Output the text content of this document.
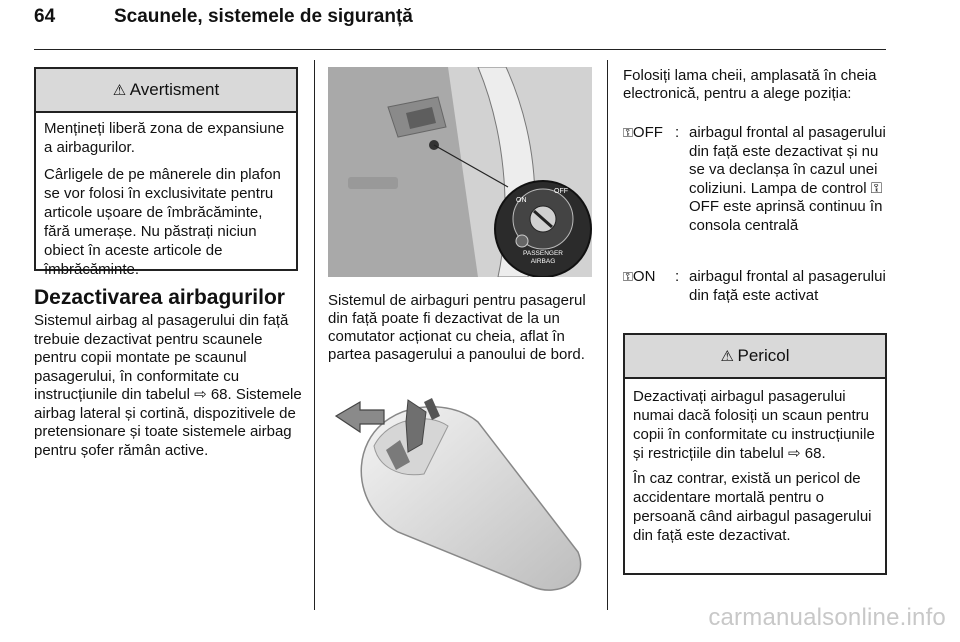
64	Scaunele, sistemele de siguranță
⚠ Avertisment

Mențineți liberă zona de expansiune a airbagurilor.

Cârligele de pe mânerele din plafon se vor folosi în exclusivitate pentru articole ușoare de îmbrăcăminte, fără umerașe. Nu păstrați niciun obiect în aceste articole de îmbrăcăminte.

Dezactivarea airbagurilor
Sistemul airbag al pasagerului din față trebuie dezactivat pentru scaunele pentru copii montate pe scaunul pasagerului, în conformitate cu instrucțiunile din tabelul ⇨ 68. Sistemele airbag lateral și cortină, dispozitivele de pretensionare și toate sistemele airbag pentru șofer rămân active.
ON
OFF
PASSENGER
AIRBAG
Sistemul de airbaguri pentru pasagerul din față poate fi dezactivat de la un comutator acționat cu cheia, aflat în partea pasagerului a panoului de bord.
Folosiți lama cheii, amplasată în cheia electronică, pentru a alege poziția:
⚿OFF : airbagul frontal al pasagerului din față este dezactivat și nu se va declanșa în cazul unei coliziuni. Lampa de control ⚿OFF este aprinsă continuu în consola centrală
⚿ON	: airbagul frontal al pasagerului din față este activat
⚠ Pericol

Dezactivați airbagul pasagerului numai dacă folosiți un scaun pentru copii în conformitate cu instrucțiunile și restricțiile din tabelul ⇨ 68.

În caz contrar, există un pericol de accidentare mortală pentru o persoană când airbagul pasagerului din față este dezactivat.

carmanualsonline.info
